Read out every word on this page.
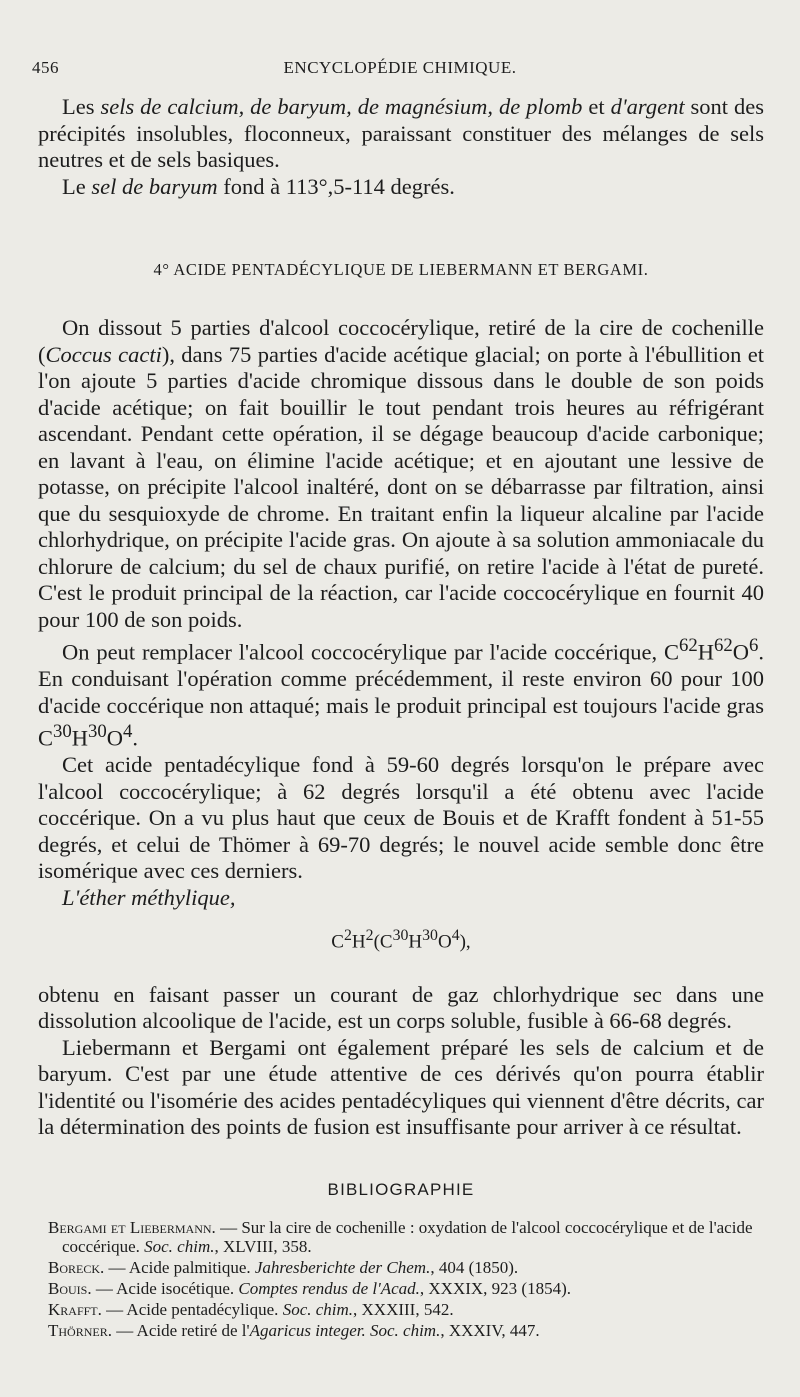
456	ENCYCLOPÉDIE CHIMIQUE.

Les sels de calcium, de baryum, de magnésium, de plomb et d'argent sont des précipités insolubles, floconneux, paraissant constituer des mélanges de sels neutres et de sels basiques.

Le sel de baryum fond à 113°,5-114 degrés.

4° ACIDE PENTADÉCYLIQUE DE LIEBERMANN ET BERGAMI.

On dissout 5 parties d'alcool coccocérylique, retiré de la cire de cochenille (Coccus cacti), dans 75 parties d'acide acétique glacial; on porte à l'ébullition et l'on ajoute 5 parties d'acide chromique dissous dans le double de son poids d'acide acétique; on fait bouillir le tout pendant trois heures au réfrigérant ascendant. Pendant cette opération, il se dégage beaucoup d'acide carbonique; en lavant à l'eau, on élimine l'acide acétique; et en ajoutant une lessive de potasse, on précipite l'alcool inaltéré, dont on se débarrasse par filtration, ainsi que du sesquioxyde de chrome. En traitant enfin la liqueur alcaline par l'acide chlorhydrique, on précipite l'acide gras. On ajoute à sa solution ammoniacale du chlorure de calcium; du sel de chaux purifié, on retire l'acide à l'état de pureté. C'est le produit principal de la réaction, car l'acide coccocérylique en fournit 40 pour 100 de son poids.

On peut remplacer l'alcool coccocérylique par l'acide coccérique, $C^{62}H^{62}O^6$. En conduisant l'opération comme précédemment, il reste environ 60 pour 100 d'acide coccérique non attaqué; mais le produit principal est toujours l'acide gras $C^{30}H^{30}O^4$.

Cet acide pentadécylique fond à 59-60 degrés lorsqu'on le prépare avec l'alcool coccocérylique; à 62 degrés lorsqu'il a été obtenu avec l'acide coccérique. On a vu plus haut que ceux de Bouis et de Krafft fondent à 51-55 degrés, et celui de Thömer à 69-70 degrés; le nouvel acide semble donc être isomérique avec ces derniers.

L'éther méthylique,

$C^2H^2(C^{30}H^{30}O^4)$,

obtenu en faisant passer un courant de gaz chlorhydrique sec dans une dissolution alcoolique de l'acide, est un corps soluble, fusible à 66-68 degrés.

Liebermann et Bergami ont également préparé les sels de calcium et de baryum. C'est par une étude attentive de ces dérivés qu'on pourra établir l'identité ou l'isomérie des acides pentadécyliques qui viennent d'être décrits, car la détermination des points de fusion est insuffisante pour arriver à ce résultat.

BIBLIOGRAPHIE

Bergami et Liebermann. — Sur la cire de cochenille : oxydation de l'alcool coccocérylique et de l'acide coccérique. Soc. chim., XLVIII, 358.

Boreck. — Acide palmitique. Jahresberichte der Chem., 404 (1850).

Bouis. — Acide isocétique. Comptes rendus de l'Acad., XXXIX, 923 (1854).

Krafft. — Acide pentadécylique. Soc. chim., XXXIII, 542.

Thörner. — Acide retiré de l'Agaricus integer. Soc. chim., XXXIV, 447.
